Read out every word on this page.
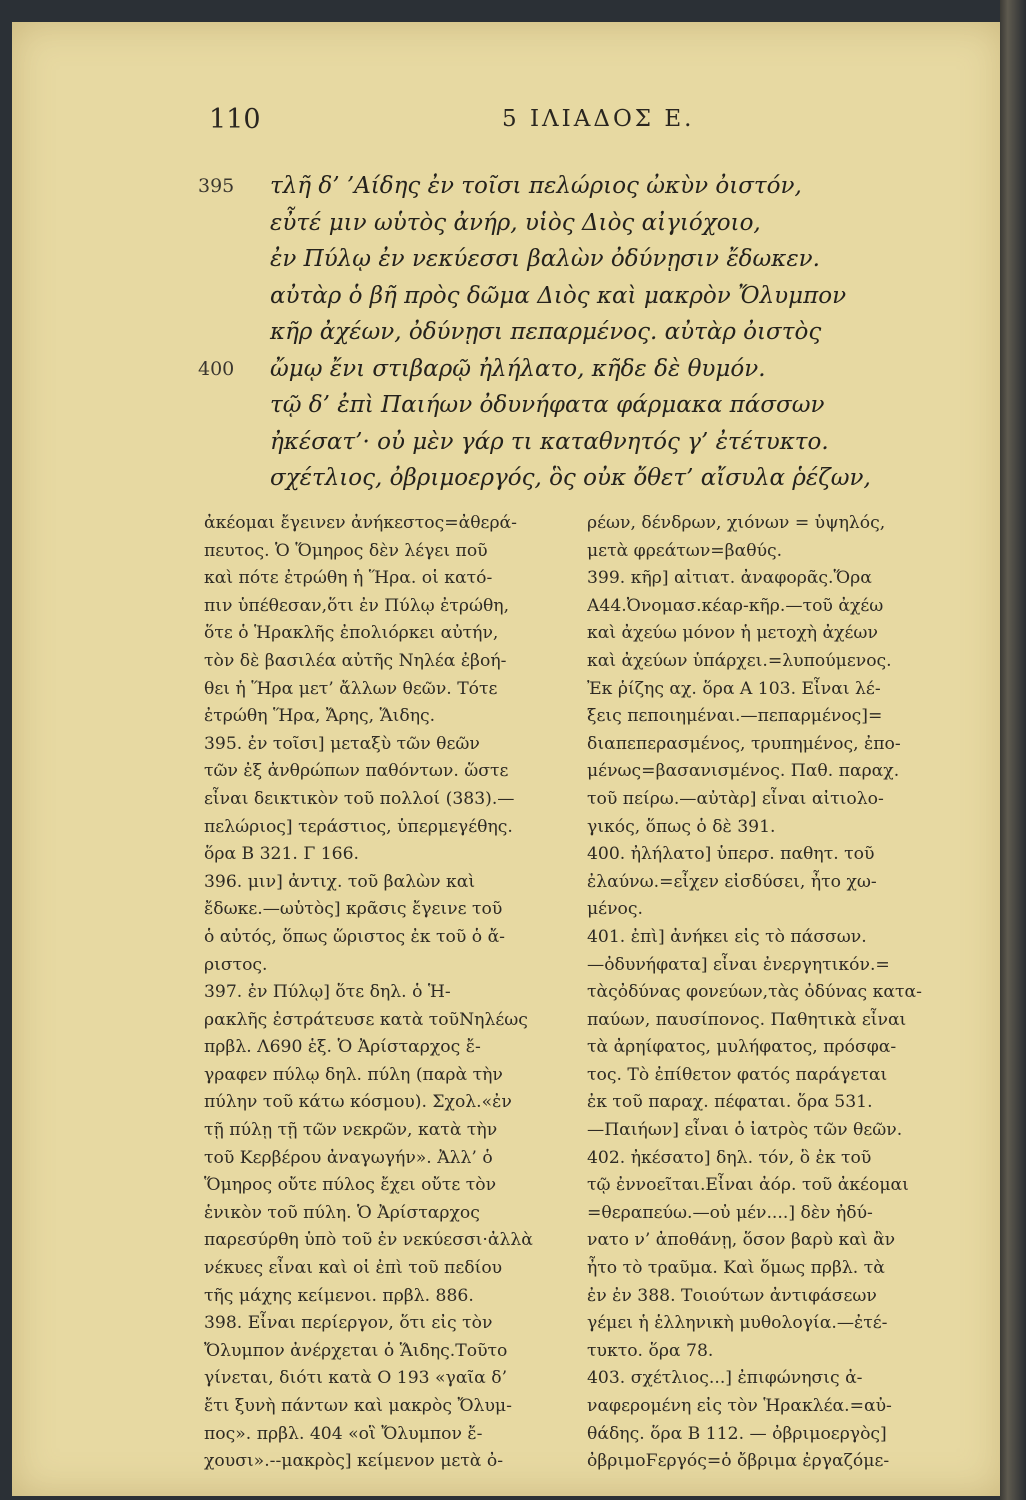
110	5 ΙΛΙΑΔΟΣ Ε.
395 τλῆ δ’ ’Αίδης ἐν τοῖσι πελώριος ὠκὺν ὀιστόν,
εὖτέ μιν ωὑτὸς ἀνήρ, υἱὸς Διὸς αἰγιόχοιο,
ἐν Πύλῳ ἐν νεκύεσσι βαλὼν ὀδύνῃσιν ἔδωκεν.
αὐτὰρ ὁ βῆ πρὸς δῶμα Διὸς καὶ μακρὸν Ὄλυμπον
κῆρ ἀχέων, ὀδύνῃσι πεπαρμένος. αὐτὰρ ὀιστὸς
400 ὤμῳ ἔνι στιβαρῷ ἠλήλατο, κῆδε δὲ θυμόν.
τῷ δ’ ἐπὶ Παιήων ὀδυνήφατα φάρμακα πάσσων
ἠκέσατ’· οὐ μὲν γάρ τι καταθνητός γ’ ἐτέτυκτο.
σχέτλιος, ὀβριμοεργός, ὃς οὐκ ὄθετ’ αἴσυλα ῥέζων,
ἀκέομαι ἔγεινεν ἀνήκεστος=ἀθερά-
πευτος. Ὁ Ὅμηρος δὲν λέγει ποῦ
καὶ πότε ἐτρώθη ἡ Ἥρα. οἱ κατό-
πιν ὑπέθεσαν,ὅτι ἐν Πύλῳ ἐτρώθη,
ὅτε ὁ Ἡρακλῆς ἐπολιόρκει αὐτήν,
τὸν δὲ βασιλέα αὐτῆς Νηλέα ἐβοή-
θει ἡ Ἥρα μετ’ ἄλλων θεῶν. Τότε
ἐτρώθη Ἥρα, Ἄρης, Ἅιδης.
395. ἐν τοῖσι] μεταξὺ τῶν θεῶν
τῶν ἐξ ἀνθρώπων παθόντων. ὥστε
εἶναι δεικτικὸν τοῦ πολλοί (383).—
πελώριος] τεράστιος, ὑπερμεγέθης.
ὅρα Β 321. Γ 166.
396. μιν] ἀντιχ. τοῦ βαλὼν καὶ
ἔδωκε.—ωὑτὸς] κρᾶσις ἔγεινε τοῦ
ὁ αὐτός, ὅπως ὥριστος ἐκ τοῦ ὁ ἄ-
ριστος.
397. ἐν Πύλῳ] ὅτε δηλ. ὁ Ἡ-
ρακλῆς ἐστράτευσε κατὰ τοῦΝηλέως
πρβλ. Λ690 ἑξ. Ὁ Ἀρίσταρχος ἔ-
γραφεν πύλῳ δηλ. πύλη (παρὰ τὴν
πύλην τοῦ κάτω κόσμου). Σχολ.«ἐν
τῇ πύλῃ τῇ τῶν νεκρῶν, κατὰ τὴν
τοῦ Κερβέρου ἀναγωγήν». Ἀλλ’ ὁ
Ὅμηρος οὔτε πύλος ἔχει οὔτε τὸν
ἑνικὸν τοῦ πύλη. Ὁ Ἀρίσταρχος
παρεσύρθη ὑπὸ τοῦ ἐν νεκύεσσι·ἀλλὰ
νέκυες εἶναι καὶ οἱ ἐπὶ τοῦ πεδίου
τῆς μάχης κείμενοι. πρβλ. 886.
398. Εἶναι περίεργον, ὅτι εἰς τὸν
Ὄλυμπον ἀνέρχεται ὁ Ἅιδης.Τοῦτο
γίνεται, διότι κατὰ Ο 193 «γαῖα δ’
ἔτι ξυνὴ πάντων καὶ μακρὸς Ὄλυμ-
πος». πρβλ. 404 «οἳ Ὄλυμπον ἔ-
χουσι».--μακρὸς] κείμενον μετὰ ὀ-
ρέων, δένδρων, χιόνων = ὑψηλός,
μετὰ φρεάτων=βαθύς.
399. κῆρ] αἰτιατ. ἀναφορᾶς.Ὅρα
Α44.Ὀνομασ.κέαρ-κῆρ.—τοῦ ἀχέω
καὶ ἀχεύω μόνον ἡ μετοχὴ ἀχέων
καὶ ἀχεύων ὑπάρχει.=λυπούμενος.
Ἐκ ῥίζης αχ. ὅρα Α 103. Εἶναι λέ-
ξεις πεποιημέναι.—πεπαρμένος]=
διαπεπερασμένος, τρυπημένος, ἐπο-
μένως=βασανισμένος. Παθ. παραχ.
τοῦ πείρω.—αὐτὰρ] εἶναι αἰτιολο-
γικός, ὅπως ὁ δὲ 391.
400. ἠλήλατο] ὑπερσ. παθητ. τοῦ
ἐλαύνω.=εἶχεν εἰσδύσει, ἦτο χω-
μένος.
401. ἐπὶ] ἀνήκει εἰς τὸ πάσσων.
—ὀδυνήφατα] εἶναι ἐνεργητικόν.=
τὰςὀδύνας φονεύων,τὰς ὀδύνας κατα-
παύων, παυσίπονος. Παθητικὰ εἶναι
τὰ ἀρηίφατος, μυλήφατος, πρόσφα-
τος. Τὸ ἐπίθετον φατός παράγεται
ἐκ τοῦ παραχ. πέφαται. ὅρα 531.
—Παιήων] εἶναι ὁ ἰατρὸς τῶν θεῶν.
402. ἠκέσατο] δηλ. τόν, ὃ ἐκ τοῦ
τῷ ἐννοεῖται.Εἶναι ἀόρ. τοῦ ἀκέομαι
=θεραπεύω.—οὐ μέν....] δὲν ἠδύ-
νατο ν’ ἀποθάνῃ, ὅσον βαρὺ καὶ ἂν
ἦτο τὸ τραῦμα. Καὶ ὅμως πρβλ. τὰ
ἐν ἐν 388. Τοιούτων ἀντιφάσεων
γέμει ἡ ἑλληνικὴ μυθολογία.—ἐτέ-
τυκτο. ὅρα 78.
403. σχέτλιος...] ἐπιφώνησις ἀ-
ναφερομένη εἰς τὸν Ἡρακλέα.=αὐ-
θάδης. ὅρα Β 112. — ὀβριμοεργὸς]
ὀβριμοϜεργός=ὁ ὄβριμα ἐργαζόμε-
